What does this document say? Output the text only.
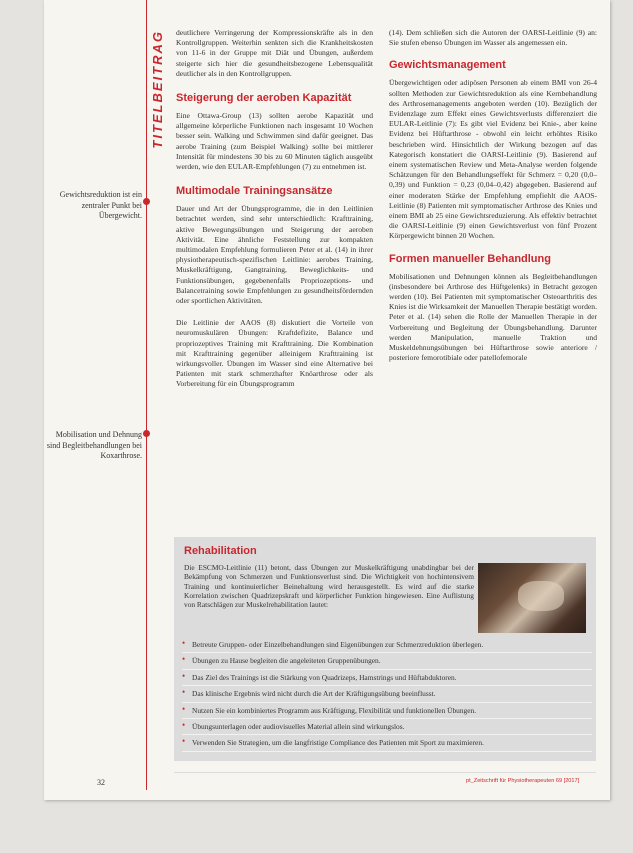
TITELBEITRAG
Gewichtsreduktion ist ein zentraler Punkt bei Übergewicht.
Mobilisation und Dehnung sind Begleitbehandlungen bei Koxarthrose.

deutlichere Verringerung der Kompressionskräfte als in den Kontrollgruppen. Weiterhin senkten sich die Krankheitskosten von 11-6 in der Gruppe mit Diät und Übungen, außerdem steigerte sich hier die gesundheitsbezogene Lebensqualität deutlicher als in den Kontrollgruppen.

Steigerung der aeroben Kapazität

Eine Ottawa-Group (13) sollten aerobe Kapazität und allgemeine körperliche Funktionen nach insgesamt 10 Wochen besser sein. Walking und Schwimmen sind dafür geeignet. Das aerobe Training (zum Beispiel Walking) sollte bei mittlerer Intensität für mindestens 30 bis zu 60 Minuten täglich ausgeübt werden, wie den EULAR-Empfehlungen (7) zu entnehmen ist.

Multimodale Trainingsansätze

Dauer und Art der Übungsprogramme, die in den Leitlinien betrachtet werden, sind sehr unterschiedlich: Krafttraining, aktive Bewegungsübungen und Steigerung der aeroben Aktivität. Eine ähnliche Feststellung zur kompakten multimodalen Empfehlung formulieren Peter et al. (14) in ihrer physiotherapeutisch-spezifischen Leitlinie: aerobes Training, Muskelkräftigung, Gangtraining, Beweglichkeits- und Funktionsübungen, gegebenenfalls Propriozeptions- und Balancetraining sowie Empfehlungen zu gesundheitsfördernden oder sportlichen Aktivitäten.

Die Leitlinie der AAOS (8) diskutiert die Vorteile von neuromuskulären Übungen: Kraftdefizite, Balance und propriozeptives Training mit Krafttraining. Die Kombination mit Krafttraining gegenüber alleinigem Krafttraining ist wirkungsvoller. Übungen im Wasser sind eine Alternative bei Patienten mit stark schmerzhafter Knöarthrose oder als Vorbereitung für ein Übungsprogramm

(14). Dem schließen sich die Autoren der OARSI-Leitlinie (9) an: Sie stufen ebenso Übungen im Wasser als angemessen ein.

Gewichtsmanagement

Übergewichtigen oder adipösen Personen ab einem BMI von 26-4 sollten Methoden zur Gewichtsreduktion als eine Kernbehandlung des Arthrosemanagements angeboten werden (10). Bezüglich der Evidenzlage zum Effekt eines Gewichtsverlusts differenziert die EULAR-Leitlinie (7): Es gibt viel Evidenz bei Knie-, aber keine Evidenz bei Hüftarthrose - obwohl ein leicht erhöhtes Risiko beschrieben wird. Hinsichtlich der Wirkung bezogen auf das Kategorisch konstatiert die OARSI-Leitlinie (9). Basierend auf einem systematischen Review und Meta-Analyse werden folgende Schätzungen für den Behandlungseffekt für Schmerz = 0,20 (0,0–0,39) und Funktion = 0,23 (0,04–0,42) abgegeben. Basierend auf einer moderaten Stärke der Empfehlung empfiehlt die AAOS-Leitlinie (8) Patienten mit symptomatischer Arthrose des Knies und einem BMI ab 25 eine Gewichtsreduzierung. Als effektiv betrachtet die OARSI-Leitlinie (9) einen Gewichtsverlust von fünf Prozent Körpergewicht binnen 20 Wochen.

Formen manueller Behandlung

Mobilisationen und Dehnungen können als Begleitbehandlungen (insbesondere bei Arthrose des Hüftgelenks) in Betracht gezogen werden (10). Bei Patienten mit symptomatischer Osteoarthritis des Knies ist die Wirksamkeit der Manuellen Therapie bestätigt worden. Peter et al. (14) sehen die Rolle der Manuellen Therapie in der Vorbereitung und Begleitung der Übungsbehandlung. Darunter werden Manipulation, manuelle Traktion und Muskeldehnungsübungen bei Hüftarthrose sowie anteriore / posteriore femorotibiale oder patellofemorale

Rehabilitation
Die ESCMO-Leitlinie (11) betont, dass Übungen zur Muskelkräftigung unabdingbar bei der Bekämpfung von Schmerzen und Funktionsverlust sind. Die Wichtigkeit von hochintensivem Training und kontinuierlicher Beinehaltung wird herausgestellt. Es wird auf die starke Korrelation zwischen Quadrizepskraft und körperlicher Funktion hingewiesen. Eine Auflistung von Ratschlägen zur Muskelrehabilitation lautet:
• Betreute Gruppen- oder Einzelbehandlungen sind Eigenübungen zur Schmerzreduktion überlegen.
• Übungen zu Hause begleiten die angeleiteten Gruppenübungen.
• Das Ziel des Trainings ist die Stärkung von Quadrizeps, Hamstrings und Hüftabduktoren.
• Das klinische Ergebnis wird nicht durch die Art der Kräftigungsübung beeinflusst.
• Nutzen Sie ein kombiniertes Programm aus Kräftigung, Flexibilität und funktionellen Übungen.
• Übungsunterlagen oder audiovisuelles Material allein sind wirkungslos.
• Verwenden Sie Strategien, um die langfristige Compliance des Patienten mit Sport zu maximieren.
32	pt_Zeitschrift für Physiotherapeuten 69 [2017]
